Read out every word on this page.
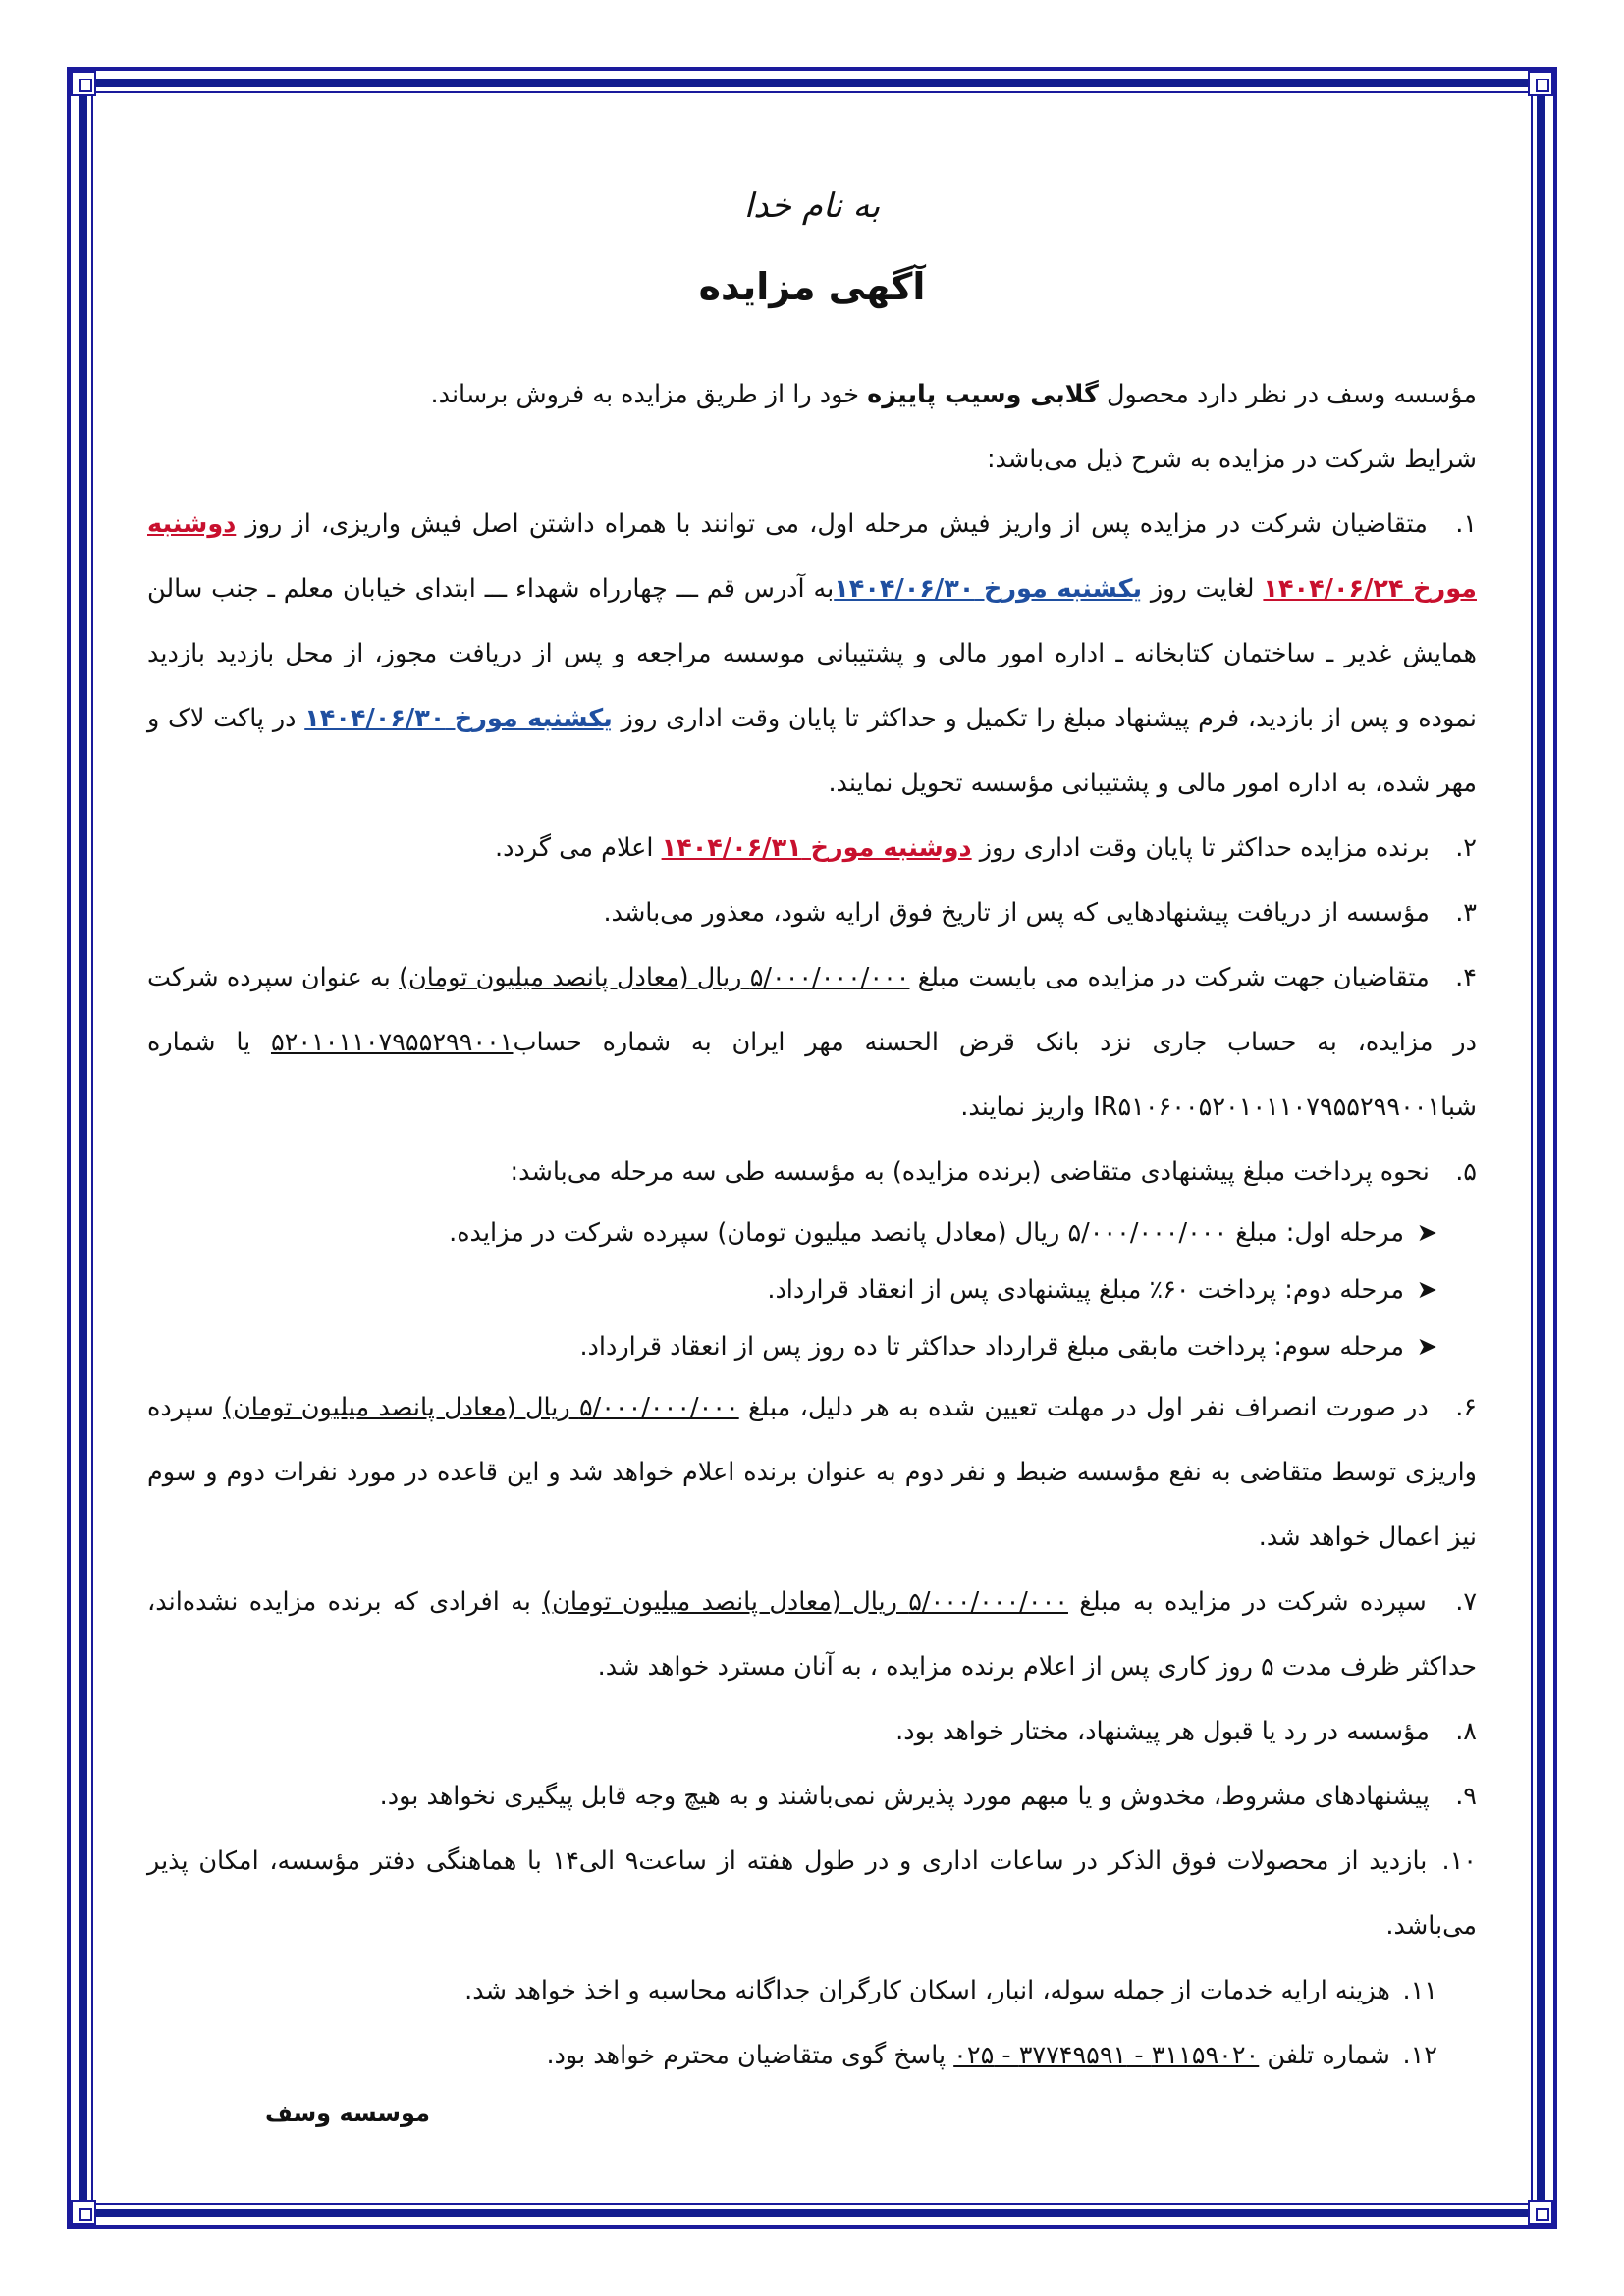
به نام خدا
آگهی مزایده

مؤسسه وسف در نظر دارد محصول گلابی وسیب پاییزه خود را از طریق مزایده به فروش برساند.

شرایط شرکت در مزایده به شرح ذیل می‌باشد:

۱. متقاضیان شرکت در مزایده پس از واریز فیش مرحله اول، می توانند با همراه داشتن اصل فیش واریزی، از روز دوشنبه مورخ ۱۴۰۴/۰۶/۲۴ لغایت روز یکشنبه مورخ ۱۴۰۴/۰۶/۳۰به آدرس قم ـــ چهارراه شهداء ـــ ابتدای خیابان معلم ـ جنب سالن همایش غدیر ـ ساختمان کتابخانه ـ اداره امور مالی و پشتیبانی موسسه مراجعه و پس از دریافت مجوز، از محل بازدید بازدید نموده و پس از بازدید، فرم پیشنهاد مبلغ را تکمیل و حداکثر تا پایان وقت اداری روز یکشنبه مورخ ۱۴۰۴/۰۶/۳۰ در پاکت لاک و مهر شده، به اداره امور مالی و پشتیبانی مؤسسه تحویل نمایند.

۲. برنده مزایده حداکثر تا پایان وقت اداری روز دوشنبه مورخ ۱۴۰۴/۰۶/۳۱ اعلام می گردد.

۳. مؤسسه از دریافت پیشنهادهایی که پس از تاریخ فوق ارایه شود، معذور می‌باشد.

۴. متقاضیان جهت شرکت در مزایده می بایست مبلغ ۵/۰۰۰/۰۰۰/۰۰۰ ریال (معادل پانصد میلیون تومان) به عنوان سپرده شرکت در مزایده، به حساب جاری نزد بانک قرض الحسنه مهر ایران به شماره حساب۵۲۰۱۰۱۱۰۷۹۵۵۲۹۹۰۰۱ یا شماره شباIR۵۱۰۶۰۰۵۲۰۱۰۱۱۰۷۹۵۵۲۹۹۰۰۱ واریز نمایند.

۵. نحوه پرداخت مبلغ پیشنهادی متقاضی (برنده مزایده) به مؤسسه طی سه مرحله می‌باشد:

➤مرحله اول: مبلغ ۵/۰۰۰/۰۰۰/۰۰۰ ریال (معادل پانصد میلیون تومان) سپرده شرکت در مزایده.

➤مرحله دوم: پرداخت ۶۰٪ مبلغ پیشنهادی پس از انعقاد قرارداد.

➤مرحله سوم: پرداخت مابقی مبلغ قرارداد حداکثر تا ده روز پس از انعقاد قرارداد.

۶. در صورت انصراف نفر اول در مهلت تعیین شده به هر دلیل، مبلغ ۵/۰۰۰/۰۰۰/۰۰۰ ریال (معادل پانصد میلیون تومان) سپرده واریزی توسط متقاضی به نفع مؤسسه ضبط و نفر دوم به عنوان برنده اعلام خواهد شد و این قاعده در مورد نفرات دوم و سوم نیز اعمال خواهد شد.

۷. سپرده شرکت در مزایده به مبلغ ۵/۰۰۰/۰۰۰/۰۰۰ ریال (معادل پانصد میلیون تومان) به افرادی که برنده مزایده نشده‌اند، حداکثر ظرف مدت ۵ روز کاری پس از اعلام برنده مزایده ، به آنان مسترد خواهد شد.

۸. مؤسسه در رد یا قبول هر پیشنهاد، مختار خواهد بود.

۹. پیشنهادهای مشروط، مخدوش و یا مبهم مورد پذیرش نمی‌باشند و به هیچ وجه قابل پیگیری نخواهد بود.

۱۰. بازدید از محصولات فوق الذکر در ساعات اداری و در طول هفته از ساعت۹ الی۱۴ با هماهنگی دفتر مؤسسه، امکان پذیر می‌باشد.

۱۱. هزینه ارایه خدمات از جمله سوله، انبار، اسکان کارگران جداگانه محاسبه و اخذ خواهد شد.

۱۲. شماره تلفن ۳۱۱۵۹۰۲۰ - ۳۷۷۴۹۵۹۱ - ۰۲۵ پاسخ گوی متقاضیان محترم خواهد بود.

موسسه وسف
